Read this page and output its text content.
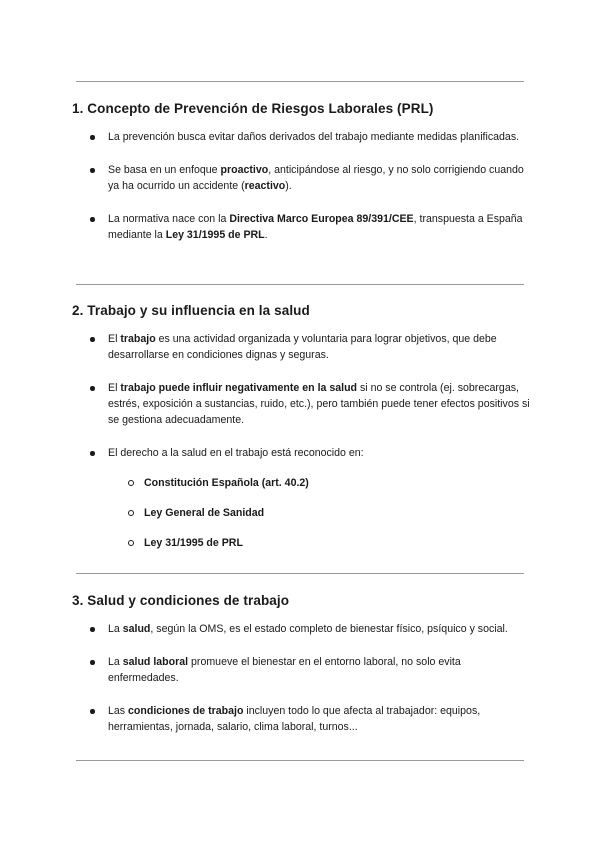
1. Concepto de Prevención de Riesgos Laborales (PRL)
La prevención busca evitar daños derivados del trabajo mediante medidas planificadas.
Se basa en un enfoque proactivo, anticipándose al riesgo, y no solo corrigiendo cuando ya ha ocurrido un accidente (reactivo).
La normativa nace con la Directiva Marco Europea 89/391/CEE, transpuesta a España mediante la Ley 31/1995 de PRL.
2. Trabajo y su influencia en la salud
El trabajo es una actividad organizada y voluntaria para lograr objetivos, que debe desarrollarse en condiciones dignas y seguras.
El trabajo puede influir negativamente en la salud si no se controla (ej. sobrecargas, estrés, exposición a sustancias, ruido, etc.), pero también puede tener efectos positivos si se gestiona adecuadamente.
El derecho a la salud en el trabajo está reconocido en:
Constitución Española (art. 40.2)
Ley General de Sanidad
Ley 31/1995 de PRL
3. Salud y condiciones de trabajo
La salud, según la OMS, es el estado completo de bienestar físico, psíquico y social.
La salud laboral promueve el bienestar en el entorno laboral, no solo evita enfermedades.
Las condiciones de trabajo incluyen todo lo que afecta al trabajador: equipos, herramientas, jornada, salario, clima laboral, turnos...
